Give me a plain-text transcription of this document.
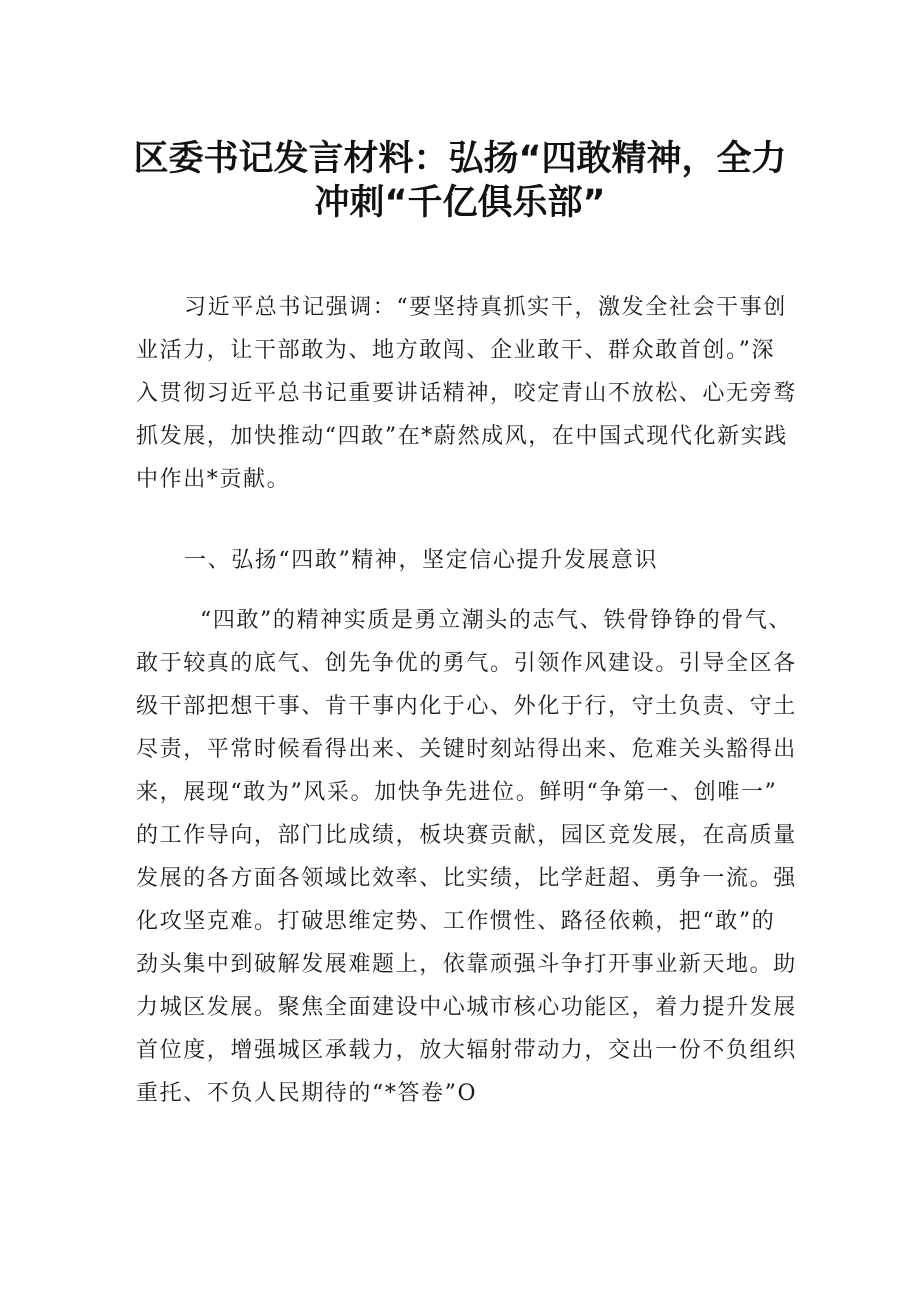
区委书记发言材料：弘扬“四敢精神，全力
冲刺“千亿俱乐部”
习近平总书记强调：“要坚持真抓实干，激发全社会干事创
业活力，让干部敢为、地方敢闯、企业敢干、群众敢首创。”深
入贯彻习近平总书记重要讲话精神，咬定青山不放松、心无旁骛
抓发展，加快推动“四敢”在*蔚然成风，在中国式现代化新实践
中作出*贡献。
一、弘扬“四敢”精神，坚定信心提升发展意识
“四敢”的精神实质是勇立潮头的志气、铁骨铮铮的骨气、
敢于较真的底气、创先争优的勇气。引领作风建设。引导全区各
级干部把想干事、肯干事内化于心、外化于行，守土负责、守土
尽责，平常时候看得出来、关键时刻站得出来、危难关头豁得出
来，展现“敢为”风采。加快争先进位。鲜明“争第一、创唯一”
的工作导向，部门比成绩，板块赛贡献，园区竞发展，在高质量
发展的各方面各领域比效率、比实绩，比学赶超、勇争一流。强
化攻坚克难。打破思维定势、工作惯性、路径依赖，把“敢”的
劲头集中到破解发展难题上，依靠顽强斗争打开事业新天地。助
力城区发展。聚焦全面建设中心城市核心功能区，着力提升发展
首位度，增强城区承载力，放大辐射带动力，交出一份不负组织
重托、不负人民期待的“*答卷”O
